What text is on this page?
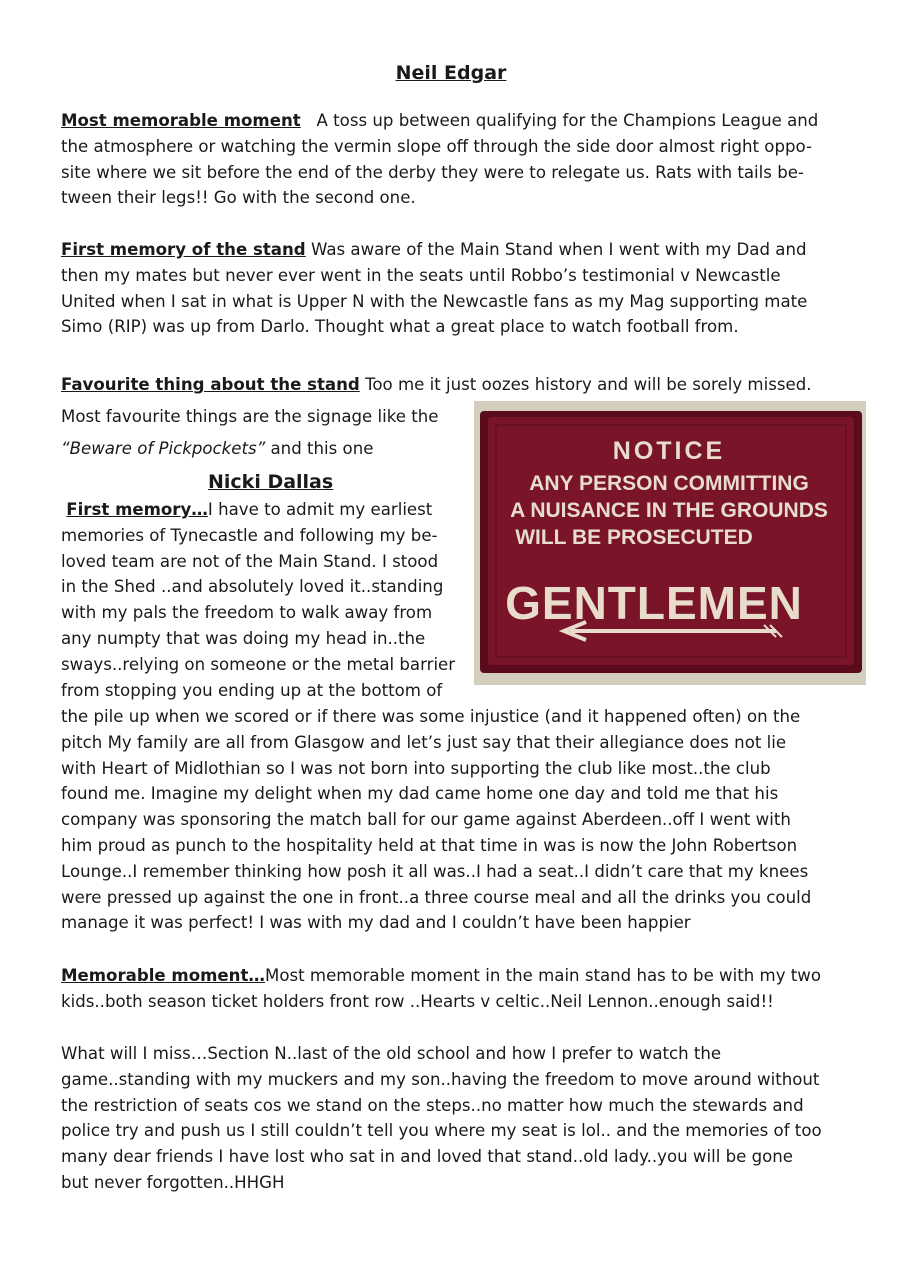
Neil Edgar

Most memorable moment A toss up between qualifying for the Champions League and

the atmosphere or watching the vermin slope off through the side door almost right oppo-

site where we sit before the end of the derby they were to relegate us. Rats with tails be-

tween their legs!! Go with the second one.

First memory of the stand Was aware of the Main Stand when I went with my Dad and

then my mates but never ever went in the seats until Robbo’s testimonial v Newcastle

United when I sat in what is Upper N with the Newcastle fans as my Mag supporting mate

Simo (RIP) was up from Darlo. Thought what a great place to watch football from.

Favourite thing about the stand Too me it just oozes history and will be sorely missed.

Most favourite things are the signage like the

“Beware of Pickpockets” and this one

Nicki Dallas
NOTICE
ANY PERSON COMMITTING
A NUISANCE IN THE GROUNDS
WILL BE PROSECUTED
GENTLEMEN

First memory…I have to admit my earliest

memories of Tynecastle and following my be-

loved team are not of the Main Stand. I stood

in the Shed ..and absolutely loved it..standing

with my pals the freedom to walk away from

any numpty that was doing my head in..the

sways..relying on someone or the metal barrier

from stopping you ending up at the bottom of

the pile up when we scored or if there was some injustice (and it happened often) on the

pitch My family are all from Glasgow and let’s just say that their allegiance does not lie

with Heart of Midlothian so I was not born into supporting the club like most..the club

found me. Imagine my delight when my dad came home one day and told me that his

company was sponsoring the match ball for our game against Aberdeen..off I went with

him proud as punch to the hospitality held at that time in was is now the John Robertson

Lounge..I remember thinking how posh it all was..I had a seat..I didn’t care that my knees

were pressed up against the one in front..a three course meal and all the drinks you could

manage it was perfect! I was with my dad and I couldn’t have been happier

Memorable moment…Most memorable moment in the main stand has to be with my two

kids..both season ticket holders front row ..Hearts v celtic..Neil Lennon..enough said!!

What will I miss…Section N..last of the old school and how I prefer to watch the

game..standing with my muckers and my son..having the freedom to move around without

the restriction of seats cos we stand on the steps..no matter how much the stewards and

police try and push us I still couldn’t tell you where my seat is lol.. and the memories of too

many dear friends I have lost who sat in and loved that stand..old lady..you will be gone

but never forgotten..HHGH
